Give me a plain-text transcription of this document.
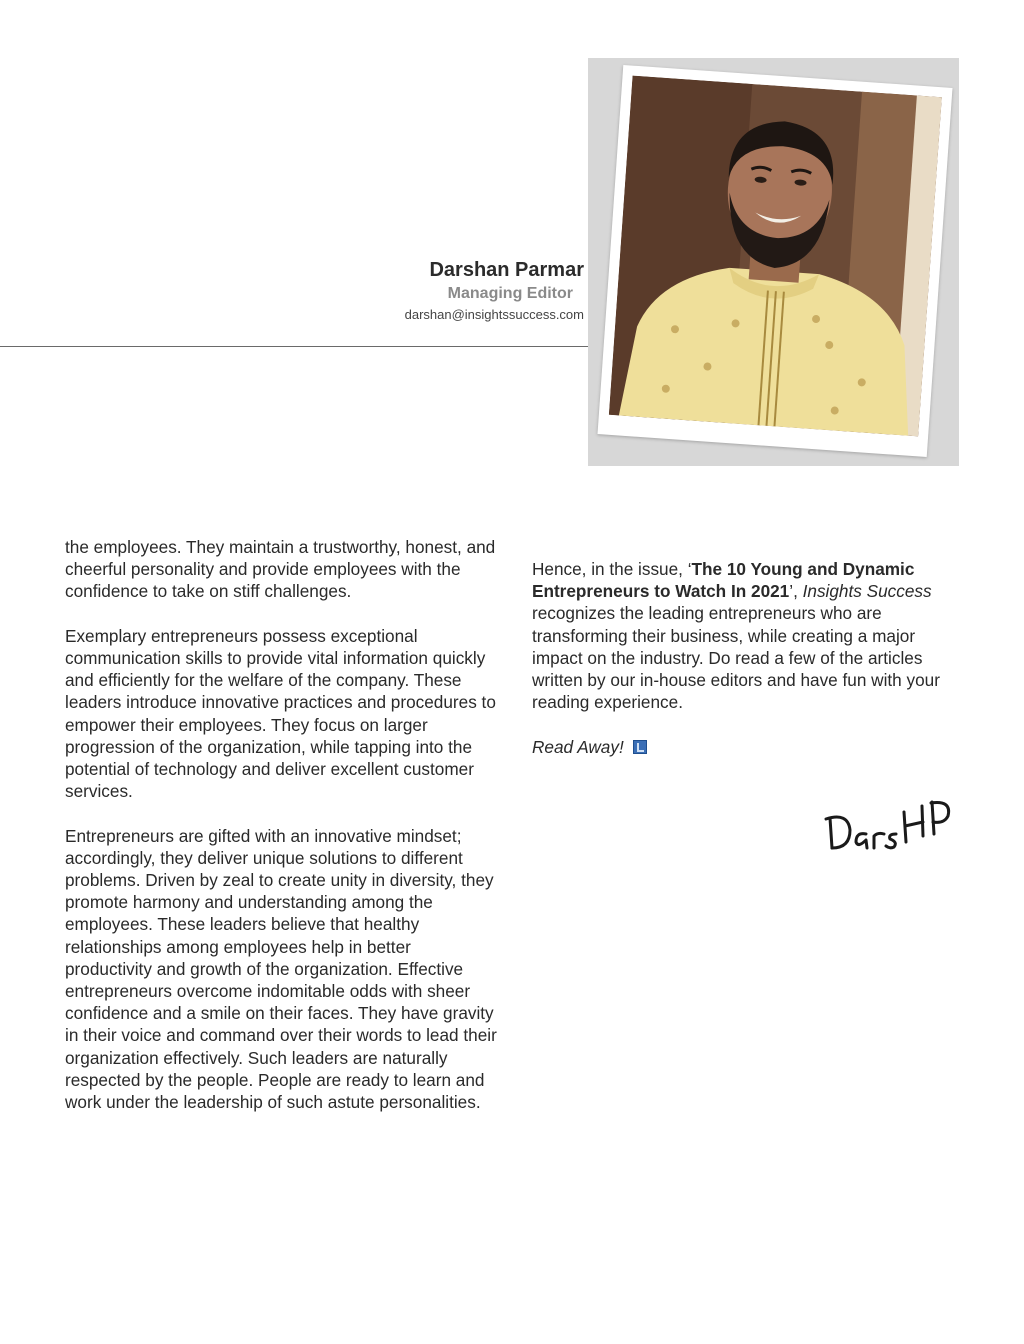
Darshan Parmar
Managing Editor
darshan@insightssuccess.com

the employees. They maintain a trustworthy, honest, and cheerful personality and provide employees with the confidence to take on stiff challenges.

Exemplary entrepreneurs possess exceptional communication skills to provide vital information quickly and efficiently for the welfare of the company. These leaders introduce innovative practices and procedures to empower their employees. They focus on larger progression of the organization, while tapping into the potential of technology and deliver excellent customer services.

Entrepreneurs are gifted with an innovative mindset; accordingly, they deliver unique solutions to different problems. Driven by zeal to create unity in diversity, they promote harmony and understanding among the employees. These leaders believe that healthy relationships among employees help in better productivity and growth of the organization. Effective entrepreneurs overcome indomitable odds with sheer confidence and a smile on their faces. They have gravity in their voice and command over their words to lead their organization effectively. Such leaders are naturally respected by the people. People are ready to learn and work under the leadership of such astute personalities.

Hence, in the issue, ‘The 10 Young and Dynamic Entrepreneurs to Watch In 2021’, Insights Success recognizes the leading entrepreneurs who are transforming their business, while creating a major impact on the industry. Do read a few of the articles written by our in-house editors and have fun with your reading experience.

Read Away!
